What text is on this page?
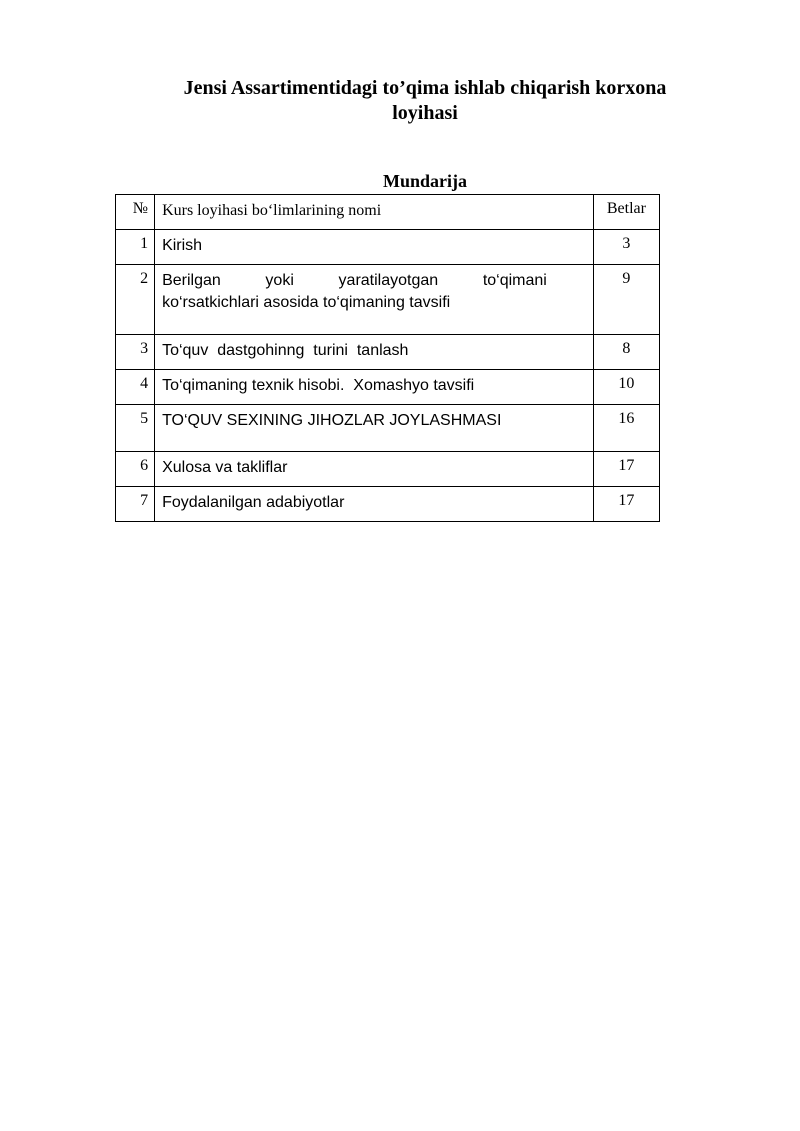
Jensi Assartimentidagi to’qima ishlab chiqarish korxona
loyihasi
Mundarija
№	Kurs loyihasi bo‘limlarining nomi	Betlar
1	Kirish	3
2	Berilgan yoki yaratilayotgan to‘qimani
ko‘rsatkichlari asosida to‘qimaning tavsifi	9
3	To‘quv  dastgohinng  turini  tanlash	8
4	To‘qimaning texnik hisobi.  Xomashyo tavsifi	10
5	TO‘QUV SEXINING JIHOZLAR JOYLASHMASI	16
6	Xulosa va takliflar	17
7	Foydalanilgan adabiyotlar	17
